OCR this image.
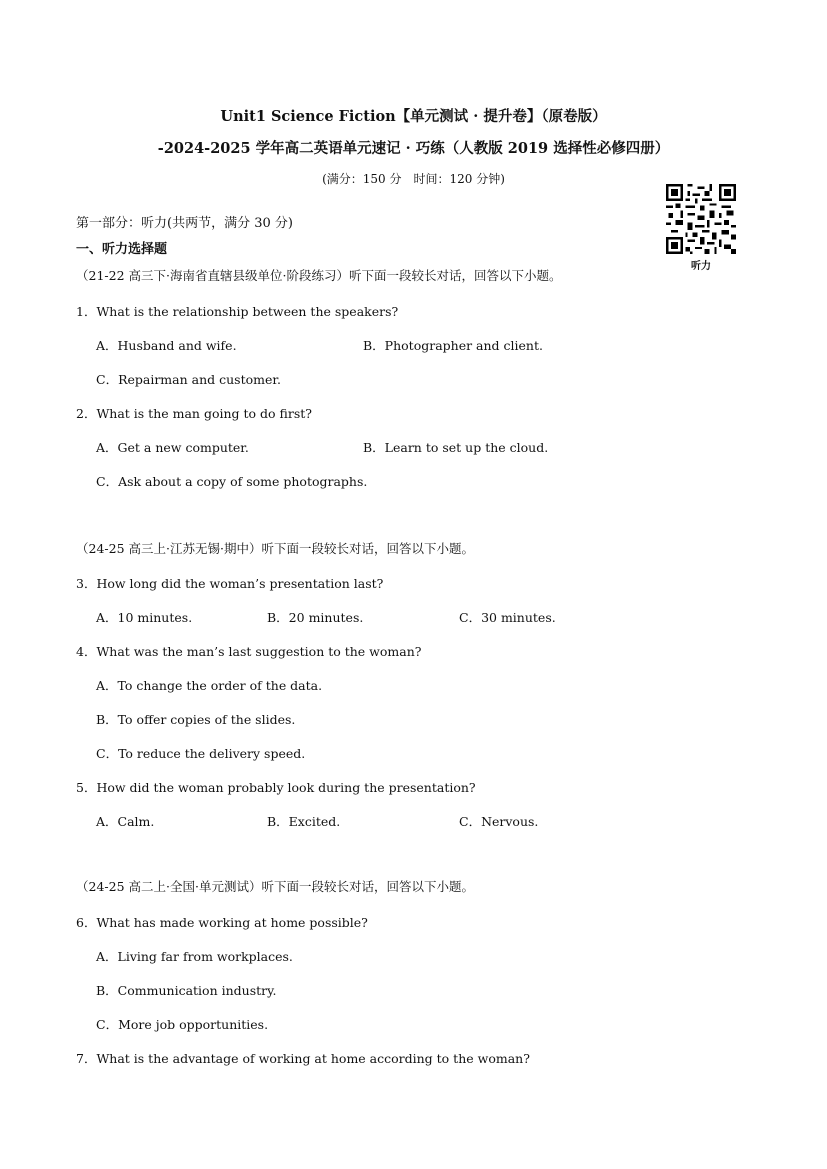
Unit1 Science Fiction【单元测试 · 提升卷】（原卷版）
-2024-2025 学年高二英语单元速记 · 巧练（人教版 2019 选择性必修四册）
(满分：150 分　时间：120 分钟)
听力
第一部分：听力(共两节，满分 30 分)
一、听力选择题
（21-22 高三下·海南省直辖县级单位·阶段练习）听下面一段较长对话，回答以下小题。
1．What is the relationship between the speakers?
A．Husband and wife.	B．Photographer and client.
C．Repairman and customer.
2．What is the man going to do first?
A．Get a new computer.	B．Learn to set up the cloud.
C．Ask about a copy of some photographs.
（24-25 高三上·江苏无锡·期中）听下面一段较长对话，回答以下小题。
3．How long did the woman’s presentation last?
A．10 minutes.	B．20 minutes.	C．30 minutes.
4．What was the man’s last suggestion to the woman?
A．To change the order of the data.
B．To offer copies of the slides.
C．To reduce the delivery speed.
5．How did the woman probably look during the presentation?
A．Calm.	B．Excited.	C．Nervous.
（24-25 高二上·全国·单元测试）听下面一段较长对话，回答以下小题。
6．What has made working at home possible?
A．Living far from workplaces.
B．Communication industry.
C．More job opportunities.
7．What is the advantage of working at home according to the woman?
